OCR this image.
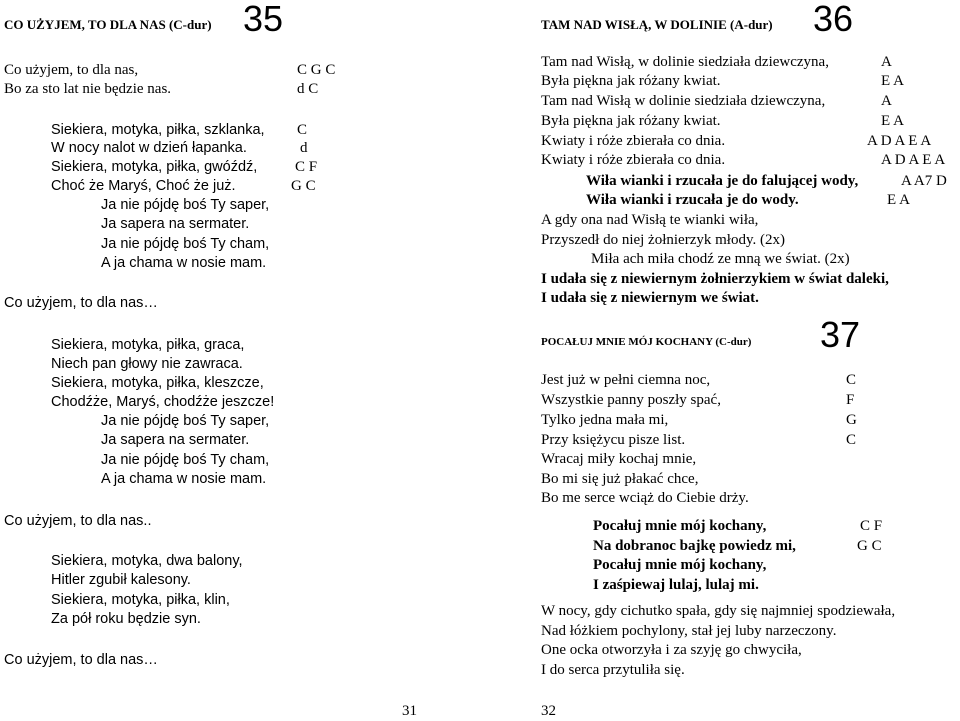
CO UŻYJEM, TO DLA NAS (C-dur) 35
Co użyjem, to dla nas,	C G C
Bo za sto lat nie będzie nas.	d C
Siekiera, motyka, piłka, szklanka, C
W nocy nalot w dzień łapanka.	d
Siekiera, motyka, piłka, gwóźdź,	C F
Choć że Maryś, Choć że już.	G C
Ja nie pójdę boś Ty saper,
Ja sapera na sermater.
Ja nie pójdę boś Ty cham,
A ja chama w nosie mam.
Co użyjem, to dla nas…
Siekiera, motyka, piłka, graca,
Niech pan głowy nie zawraca.
Siekiera, motyka, piłka, kleszcze,
Chodźże, Maryś, chodźże jeszcze!
Ja nie pójdę boś Ty saper,
Ja sapera na sermater.
Ja nie pójdę boś Ty cham,
A ja chama w nosie mam.
Co użyjem, to dla nas..
Siekiera, motyka, dwa balony,
Hitler zgubił kalesony.
Siekiera, motyka, piłka, klin,
Za pół roku będzie syn.
Co użyjem, to dla nas…
31
TAM NAD WISŁĄ, W DOLINIE (A-dur) 36
Tam nad Wisłą, w dolinie siedziała dziewczyna,	A
Była piękna jak różany kwiat.	E A
Tam nad Wisłą w dolinie siedziała dziewczyna,	A
Była piękna jak różany kwiat.	E A
Kwiaty i róże zbierała co dnia.	A D A E A
Kwiaty i róże zbierała co dnia.	A D A E A
Wiła wianki i rzucała je do falującej wody,	A A7 D
Wiła wianki i rzucała je do wody.	E A
A gdy ona nad Wisłą te wianki wiła,
Przyszedł do niej żołnierzyk młody. (2x)
Miła ach miła chodź ze mną we świat. (2x)
I udała się z niewiernym żołnierzykiem w świat daleki,
I udała się z niewiernym we świat.
POCAŁUJ MNIE MÓJ KOCHANY (C-dur) 37
Jest już w pełni ciemna noc,	C
Wszystkie panny poszły spać,	F
Tylko jedna mała mi,	G
Przy księżycu pisze list.	C
Wracaj miły kochaj mnie,
Bo mi się już płakać chce,
Bo me serce wciąż do Ciebie drży.
Pocałuj mnie mój kochany,	C F
Na dobranoc bajkę powiedz mi,	G C
Pocałuj mnie mój kochany,
I zaśpiewaj lulaj, lulaj mi.
W nocy, gdy cichutko spała, gdy się najmniej spodziewała,
Nad łóżkiem pochylony, stał jej luby narzeczony.
One ocka otworzyła i za szyję go chwyciła,
I do serca przytuliła się.
32
